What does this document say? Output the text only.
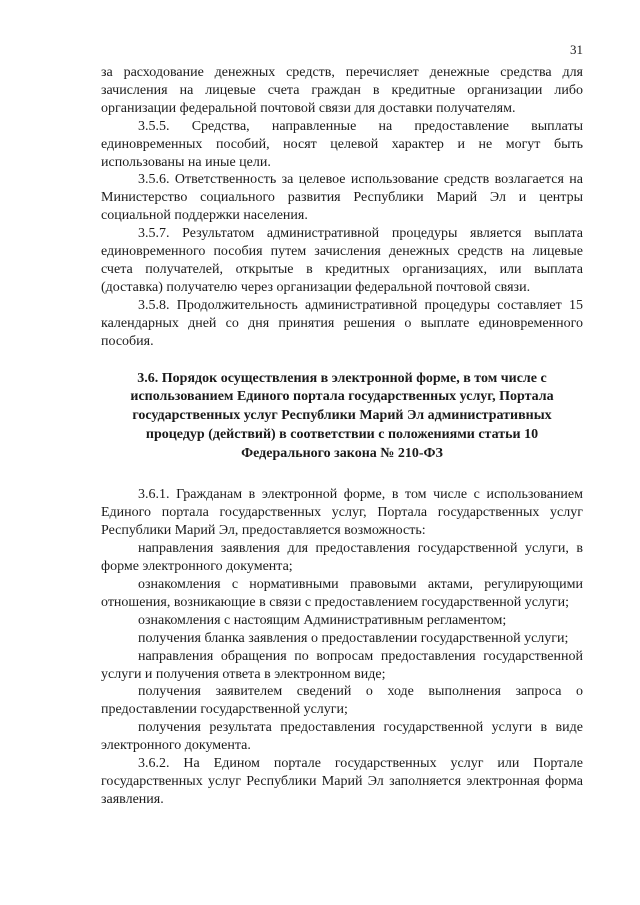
31

за расходование денежных средств, перечисляет денежные средства для зачисления на лицевые счета граждан в кредитные организации либо организации федеральной почтовой связи для доставки получателям.

3.5.5. Средства, направленные на предоставление выплаты единовременных пособий, носят целевой характер и не могут быть использованы на иные цели.

3.5.6. Ответственность за целевое использование средств возлагается на Министерство социального развития Республики Марий Эл и центры социальной поддержки населения.

3.5.7. Результатом административной процедуры является выплата единовременного пособия путем зачисления денежных средств на лицевые счета получателей, открытые в кредитных организациях, или выплата (доставка) получателю через организации федеральной почтовой связи.

3.5.8. Продолжительность административной процедуры составляет 15 календарных дней со дня принятия решения о выплате единовременного пособия.

3.6. Порядок осуществления в электронной форме, в том числе с использованием Единого портала государственных услуг, Портала государственных услуг Республики Марий Эл административных процедур (действий) в соответствии с положениями статьи 10 Федерального закона № 210-ФЗ

3.6.1. Гражданам в электронной форме, в том числе с использованием Единого портала государственных услуг, Портала государственных услуг Республики Марий Эл, предоставляется возможность:

направления заявления для предоставления государственной услуги, в форме электронного документа;

ознакомления с нормативными правовыми актами, регулирующими отношения, возникающие в связи с предоставлением государственной услуги;

ознакомления с настоящим Административным регламентом;

получения бланка заявления о предоставлении государственной услуги;

направления обращения по вопросам предоставления государственной услуги и получения ответа в электронном виде;

получения заявителем сведений о ходе выполнения запроса о предоставлении государственной услуги;

получения результата предоставления государственной услуги в виде электронного документа.

3.6.2. На Едином портале государственных услуг или Портале государственных услуг Республики Марий Эл заполняется электронная форма заявления.
